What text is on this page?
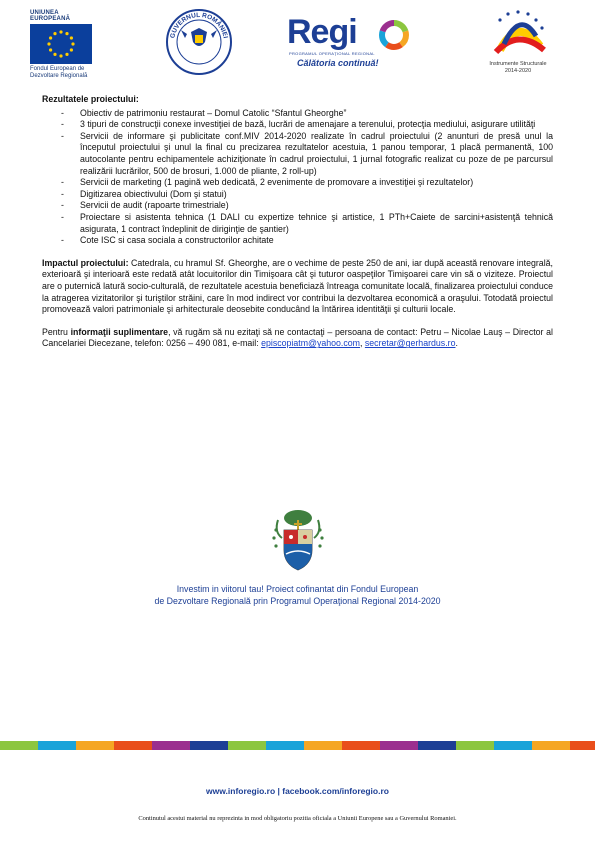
UNIUNEA EUROPEANĂ
Fondul European de
Dezvoltare Regională
GUVERNUL ROMÂNIEI Regi
PROGRAMUL OPERAŢIONAL REGIONAL
Călătoria continuă!	Instrumente Structurale
2014-2020
Rezultatele proiectului:
- Obiectiv de patrimoniu restaurat – Domul Catolic “Sfantul Gheorghe”
- 3 tipuri de construcţii conexe investiţiei de bază, lucrări de amenajare a terenului, protecţia mediului, asigurare utilităţi
- Servicii de informare şi publicitate conf.MIV 2014-2020 realizate în cadrul proiectului (2 anunturi de presă unul la începutul proiectului şi unul la final cu precizarea rezultatelor acestuia, 1 panou temporar, 1 placă permanentă, 100 autocolante pentru echipamentele achiziţionate în cadrul proiectului, 1 jurnal fotografic realizat cu poze de pe parcursul realizării lucrărilor, 500 de brosuri, 1.000 de pliante, 2 roll-up)
- Servicii de marketing (1 pagină web dedicată, 2 evenimente de promovare a investiţiei şi rezultatelor)
- Digitizarea obiectivului (Dom şi statui)
- Servicii de audit (rapoarte trimestriale)
- Proiectare si asistenta tehnica (1 DALI cu expertize tehnice şi artistice, 1 PTh+Caiete de sarcini+asistenţă tehnică asigurata, 1 contract îndeplinit de diriginţie de şantier)
- Cote ISC si casa sociala a constructorilor achitate

Impactul proiectului: Catedrala, cu hramul Sf. Gheorghe, are o vechime de peste 250 de ani, iar după această renovare integrală, exterioară şi interioară este redată atât locuitorilor din Timişoara cât şi tuturor oaspeţilor Timişoarei care vin să o viziteze. Proiectul are o puternică latură socio-culturală, de rezultatele acestuia beneficiază întreaga comunitate locală, finalizarea proiectului conduce la atragerea vizitatorilor şi turiştilor străini, care în mod indirect vor contribui la dezvoltarea economică a oraşului. Totodată proiectul promovează valori patrimoniale şi arhitecturale deosebite conducând la întărirea identităţii şi culturii locale.

Pentru informaţii suplimentare, vă rugăm să nu ezitaţi să ne contactaţi – persoana de contact: Petru – Nicolae Lauş – Director al Cancelariei Diecezane, telefon: 0256 – 490 081, e-mail: episcopiatm@yahoo.com, secretar@gerhardus.ro.

Investim in viitorul tau! Proiect cofinantat din Fondul European
de Dezvoltare Regională prin Programul Operaţional Regional 2014-2020
www.inforegio.ro | facebook.com/inforegio.ro
Continutul acestui material nu reprezinta in mod obligatoriu pozitia oficiala a Uniunii Europene sau a Guvernului Romaniei.
